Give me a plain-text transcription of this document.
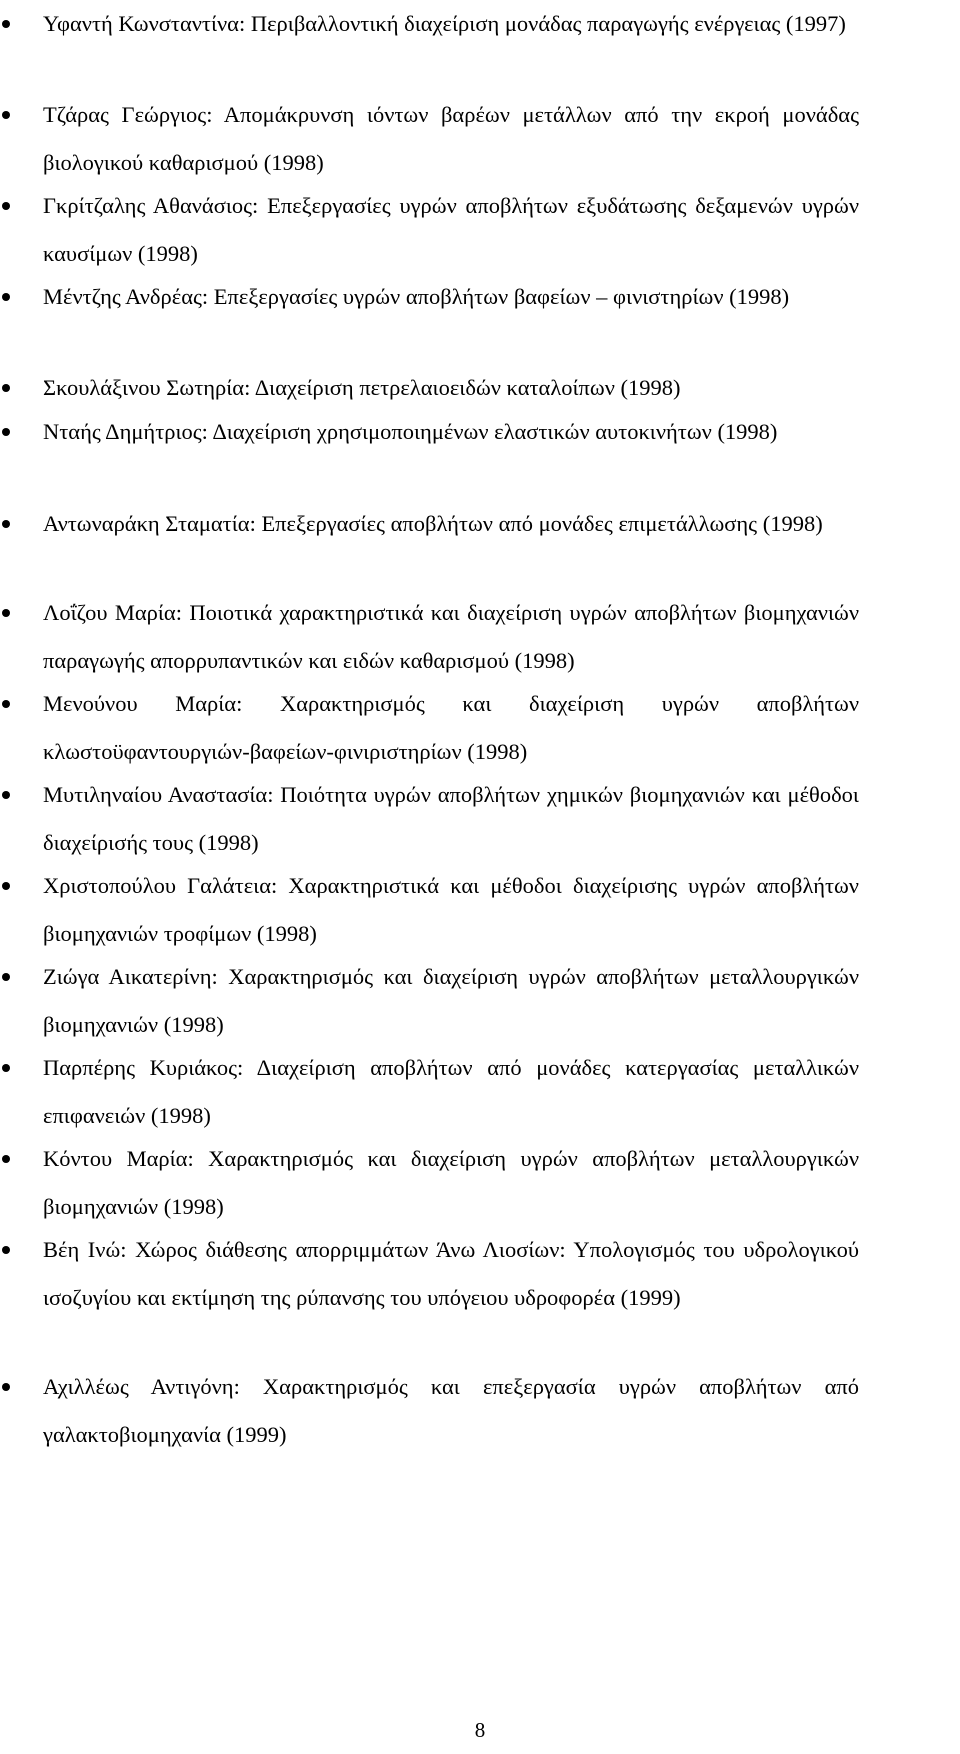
Υφαντή Κωνσταντίνα: Περιβαλλοντική διαχείριση μονάδας παραγωγής ενέργειας (1997)
Τζάρας Γεώργιος: Απομάκρυνση ιόντων βαρέων μετάλλων από την εκροή μονάδας βιολογικού καθαρισμού (1998)
Γκρίτζαλης Αθανάσιος: Επεξεργασίες υγρών αποβλήτων εξυδάτωσης δεξαμενών υγρών καυσίμων (1998)
Μέντζης Ανδρέας: Επεξεργασίες υγρών αποβλήτων βαφείων – φινιστηρίων (1998)
Σκουλάξινου Σωτηρία: Διαχείριση πετρελαιοειδών καταλοίπων (1998)
Νταής Δημήτριος: Διαχείριση χρησιμοποιημένων ελαστικών αυτοκινήτων (1998)
Αντωναράκη Σταματία: Επεξεργασίες αποβλήτων από μονάδες επιμετάλλωσης (1998)
Λοΐζου Μαρία: Ποιοτικά χαρακτηριστικά και διαχείριση υγρών αποβλήτων βιομηχανιών παραγωγής απορρυπαντικών και ειδών καθαρισμού (1998)
Μενούνου Μαρία: Χαρακτηρισμός και διαχείριση υγρών αποβλήτων κλωστοϋφαντουργιών-βαφείων-φινιριστηρίων (1998)
Μυτιληναίου Αναστασία: Ποιότητα υγρών αποβλήτων χημικών βιομηχανιών και μέθοδοι διαχείρισής τους (1998)
Χριστοπούλου Γαλάτεια: Χαρακτηριστικά και μέθοδοι διαχείρισης υγρών αποβλήτων βιομηχανιών τροφίμων (1998)
Ζιώγα Αικατερίνη: Χαρακτηρισμός και διαχείριση υγρών αποβλήτων μεταλλουργικών βιομηχανιών (1998)
Παρπέρης Κυριάκος: Διαχείριση αποβλήτων από μονάδες κατεργασίας μεταλλικών επιφανειών (1998)
Κόντου Μαρία: Χαρακτηρισμός και διαχείριση υγρών αποβλήτων μεταλλουργικών βιομηχανιών (1998)
Βέη Ινώ: Χώρος διάθεσης απορριμμάτων Άνω Λιοσίων: Υπολογισμός του υδρολογικού ισοζυγίου και εκτίμηση της ρύπανσης του υπόγειου υδροφορέα (1999)
Αχιλλέως Αντιγόνη: Χαρακτηρισμός και επεξεργασία υγρών αποβλήτων από γαλακτοβιομηχανία (1999)
8
